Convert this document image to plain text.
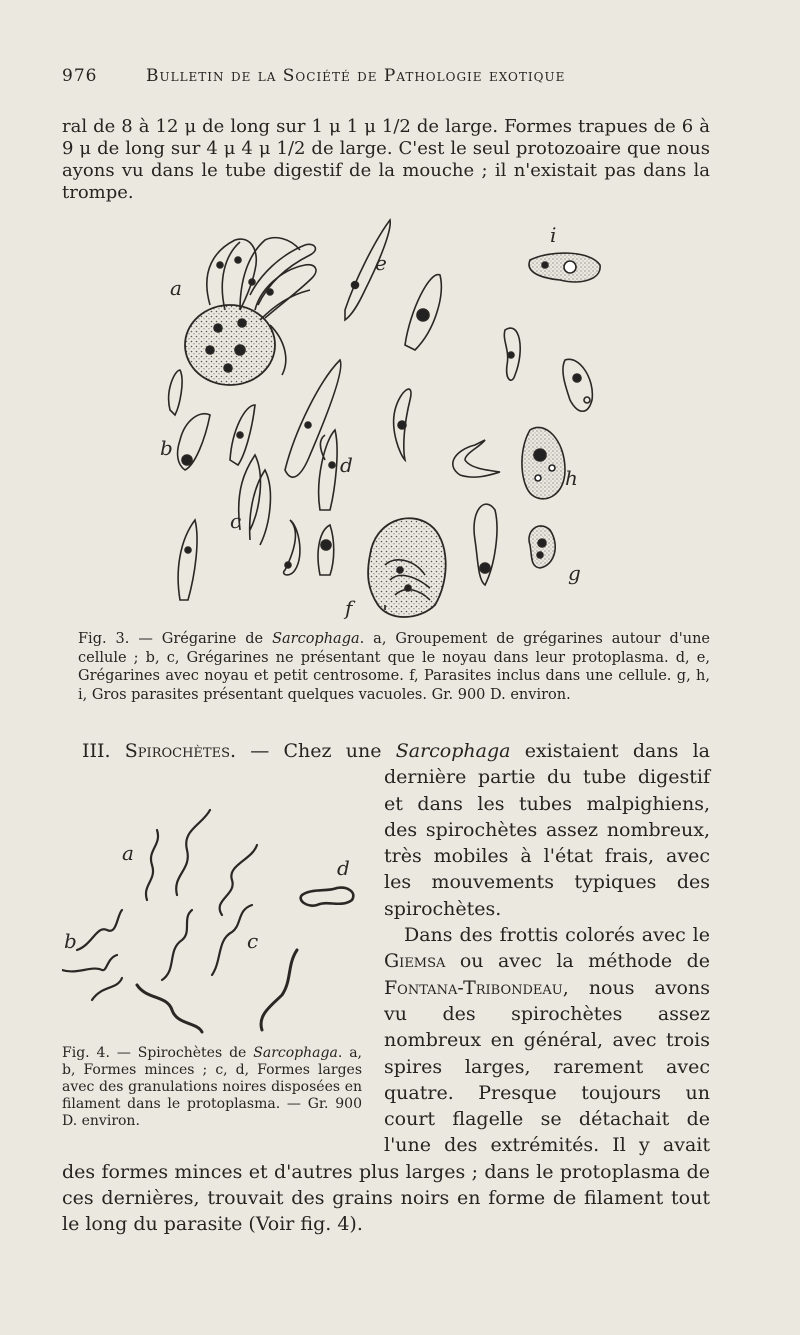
976	Bulletin de la Société de Pathologie exotique

ral de 8 à 12 μ de long sur 1 μ 1 μ 1/2 de large. Formes trapues de 6 à 9 μ de long sur 4 μ 4 μ 1/2 de large. C'est le seul protozoaire que nous ayons vu dans le tube digestif de la mouche ; il n'existait pas dans la trompe.

a
b
c
d
e
f
g
h
i

Fig. 3. — Grégarine de Sarcophaga. a, Groupement de grégarines autour d'une cellule ; b, c, Grégarines ne présentant que le noyau dans leur protoplasma. d, e, Grégarines avec noyau et petit centrosome. f, Parasites inclus dans une cellule. g, h, i, Gros parasites présentant quelques vacuoles. Gr. 900 D. environ.

III. Spirochètes. — Chez une Sarcophaga existaient dans la dernière partie du tube digestif et dans les tubes malpighiens, des spirochètes assez nombreux, très mobiles à l'état frais, avec les mouvements typiques des spirochètes.
Dans des frottis colorés avec le Giemsa ou avec la méthode de Fontana-Tribondeau, nous avons vu des spirochètes assez nombreux en général, avec trois spires larges, rarement avec quatre. Presque toujours un court flagelle se détachait de l'une des extrémités. Il y avait des formes minces et d'autres plus larges ; dans le protoplasma de ces dernières, trouvait des grains noirs en forme de filament tout le long du parasite (Voir fig. 4).
a
b	c
d

Fig. 4. — Spirochètes de Sarcophaga. a, b, Formes minces ; c, d, Formes larges avec des granulations noires disposées en filament dans le protoplasma. — Gr. 900 D. environ.
